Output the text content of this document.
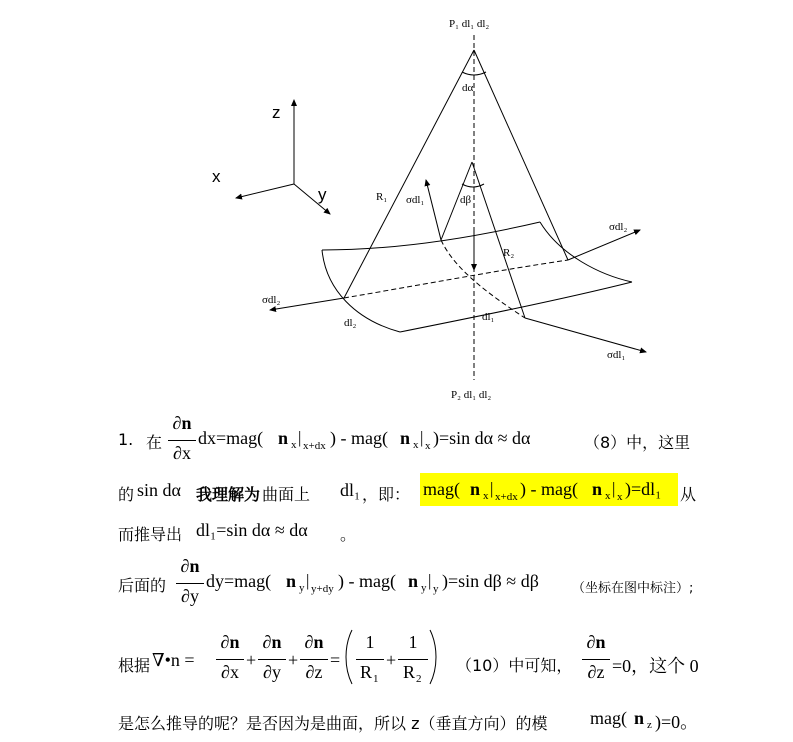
P₁ dl₁ dl₂
P₂ dl₁ dl₂
dα
dβ
R₁
R₂
σdl₁
σdl₂
σdl₂
σdl₁
dl₁
dl₂
z
x
y
1. 在
∂n
∂x
dx=mag( n x | x+dx ) - mag( n x | x )=sin dα ≈ dα	（8）中，这里
的 sin dα 我理解为 曲面上 dl₁ ，即： mag( n x | x+dx ) - mag( n x | x )=dl₁ 从
而推导出 dl₁=sin dα ≈ dα 。
后面的
∂n
∂y
dy=mag( n y | y+dy ) - mag( n y | y )=sin dβ ≈ dβ	（坐标在图中标注）;
根据 ∇•n =
∂n
∂x
+
∂n
∂y
+
∂n
∂z
=
1
R 1
+
1
R 2
（10）中可知，
∂n
∂z =0，这个 0
是怎么推导的呢？是否因为是曲面，所以 z（垂直方向）的模 mag( n z )=0。
